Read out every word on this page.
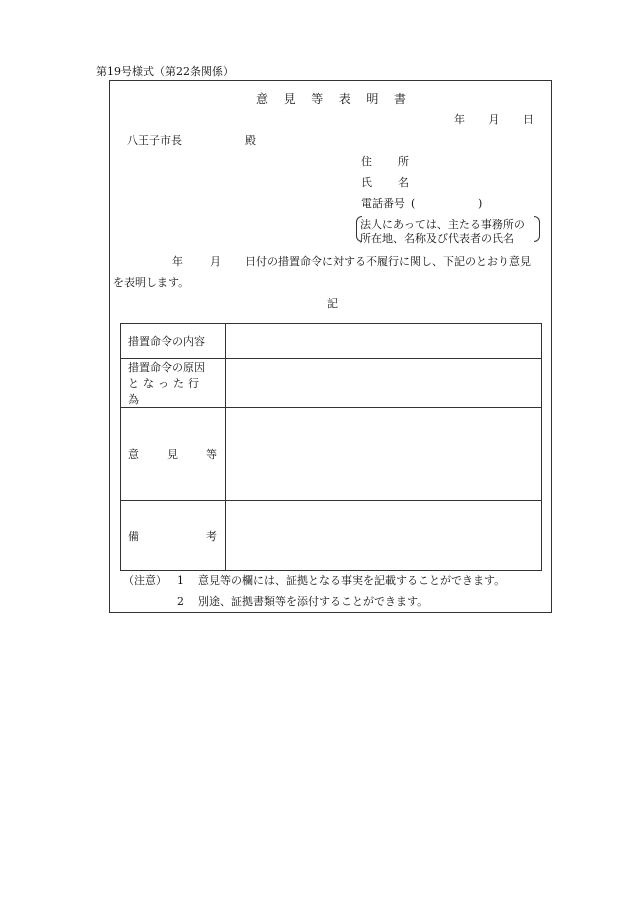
第19号様式（第22条関係）
意 見 等 表 明 書
年 月 日
八王子市長	殿
住 所
氏 名
電話番号 (	)
法人にあっては、主たる事務所の
所在地、名称及び代表者の氏名
年 月 日付の措置命令に対する不履行に関し、下記のとおり意見
を表明します。
記
措置命令の内容	

措置命令の原因
となった行為	

意 見 等	

備 考	

（注意） 1 意見等の欄には、証拠となる事実を記載することができます。
2 別途、証拠書類等を添付することができます。
